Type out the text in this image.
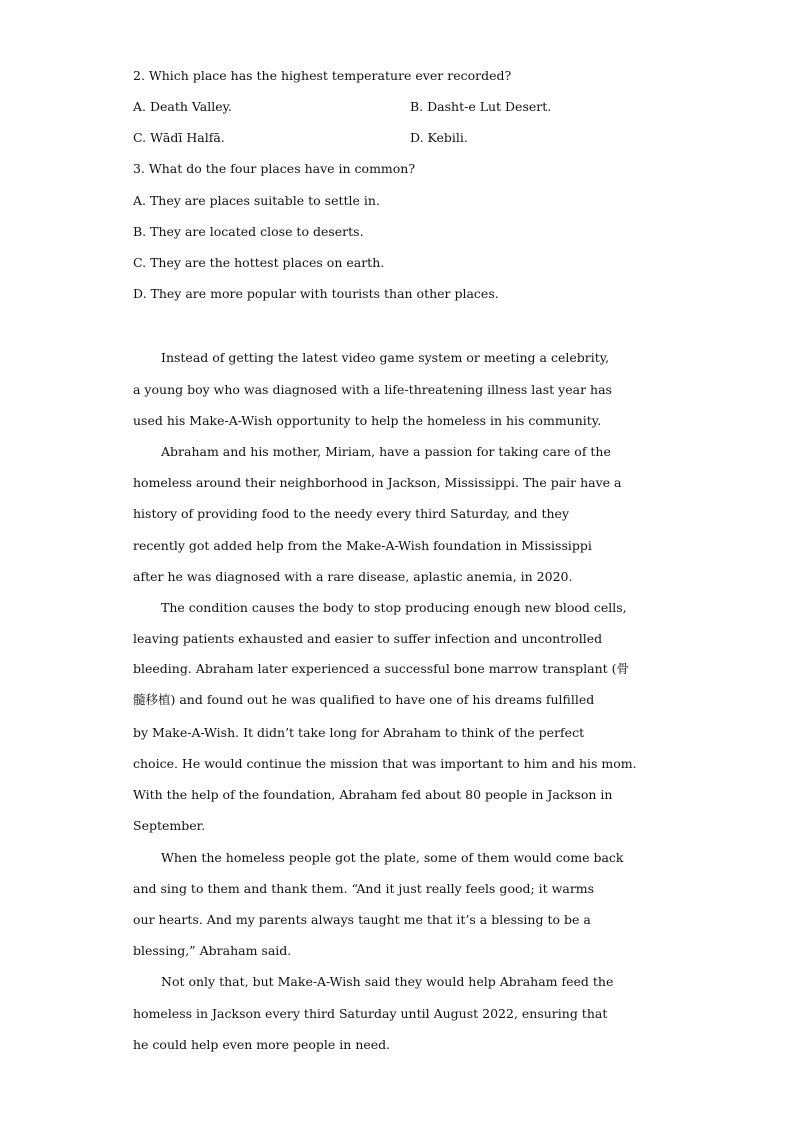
2. Which place has the highest temperature ever recorded?
A. Death Valley.	B. Dasht-e Lut Desert.
C. Wādī Halfā.	D. Kebili.
3. What do the four places have in common?
A. They are places suitable to settle in.
B. They are located close to deserts.
C. They are the hottest places on earth.
D. They are more popular with tourists than other places.
Instead of getting the latest video game system or meeting a celebrity,
a young boy who was diagnosed with a life-threatening illness last year has
used his Make-A-Wish opportunity to help the homeless in his community.
Abraham and his mother, Miriam, have a passion for taking care of the
homeless around their neighborhood in Jackson, Mississippi. The pair have a
history of providing food to the needy every third Saturday, and they
recently got added help from the Make-A-Wish foundation in Mississippi
after he was diagnosed with a rare disease, aplastic anemia, in 2020.
The condition causes the body to stop producing enough new blood cells,
leaving patients exhausted and easier to suffer infection and uncontrolled
bleeding. Abraham later experienced a successful bone marrow transplant (骨
髓移植) and found out he was qualified to have one of his dreams fulfilled
by Make-A-Wish. It didn’t take long for Abraham to think of the perfect
choice. He would continue the mission that was important to him and his mom.
With the help of the foundation, Abraham fed about 80 people in Jackson in
September.
When the homeless people got the plate, some of them would come back
and sing to them and thank them. “And it just really feels good; it warms
our hearts. And my parents always taught me that it’s a blessing to be a
blessing,” Abraham said.
Not only that, but Make-A-Wish said they would help Abraham feed the
homeless in Jackson every third Saturday until August 2022, ensuring that
he could help even more people in need.
